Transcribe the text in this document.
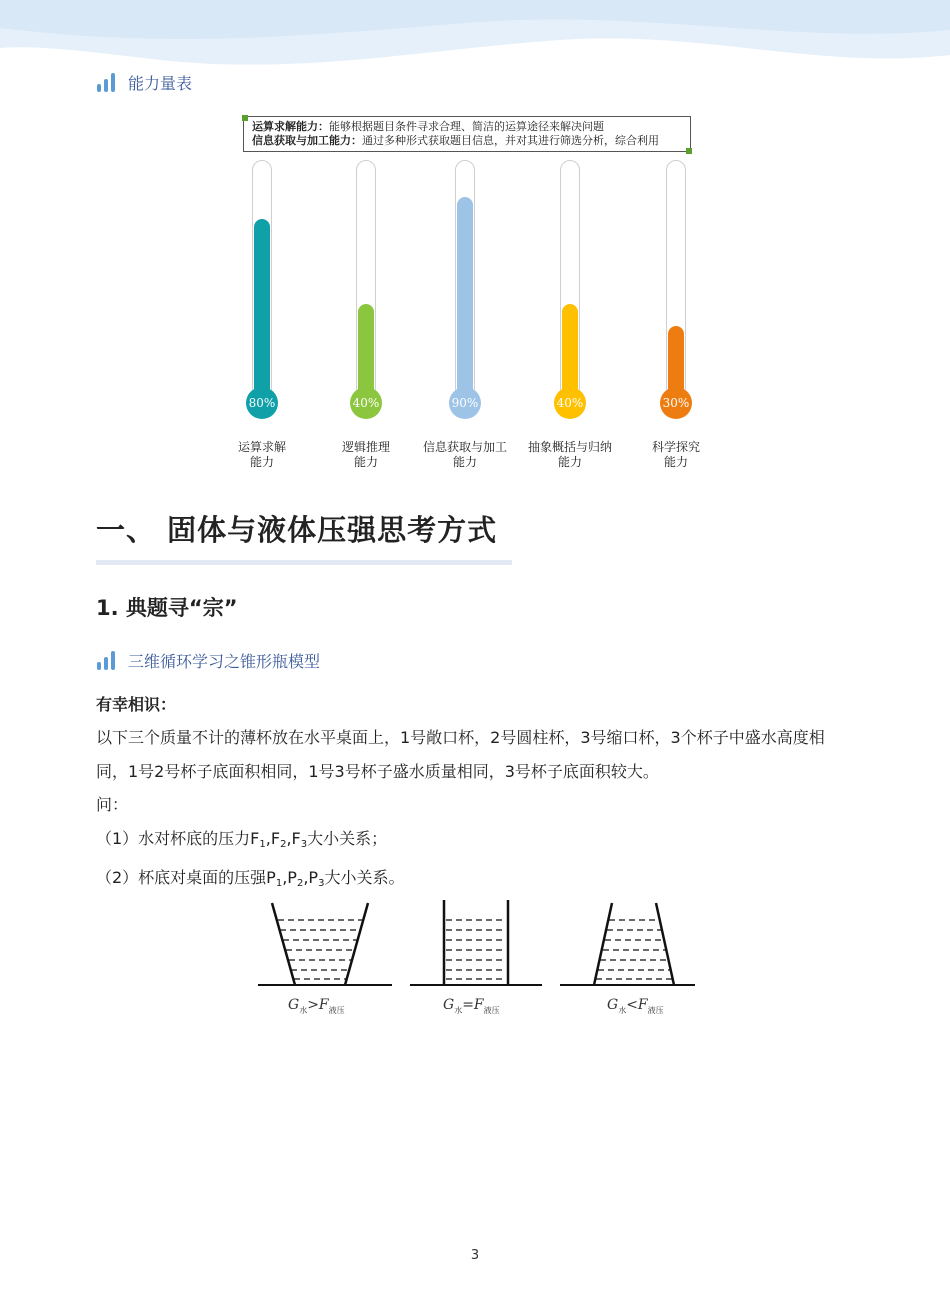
能力量表
运算求解能力：能够根据题目条件寻求合理、简洁的运算途径来解决问题
信息获取与加工能力：通过多种形式获取题目信息，并对其进行筛选分析，综合利用
80%
运算求解
能力
40%
逻辑推理
能力
90%
信息获取与加工
能力
40%
抽象概括与归纳
能力
30%
科学探究
能力
一、 固体与液体压强思考方式
1. 典题寻“宗”
三维循环学习之锥形瓶模型
有幸相识：

以下三个质量不计的薄杯放在水平桌面上，1号敞口杯，2号圆柱杯，3号缩口杯，3个杯子中盛水高度相同，1号2号杯子底面积相同，1号3号杯子盛水质量相同，3号杯子底面积较大。

问：

（1）水对杯底的压力$F_1,F_2,F_3$大小关系；

（2）杯底对桌面的压强$P_1,P_2,P_3$大小关系。

$G_水>F_{液压}$	$G_水=F_{液压}$	$G_水<F_{液压}$
3
